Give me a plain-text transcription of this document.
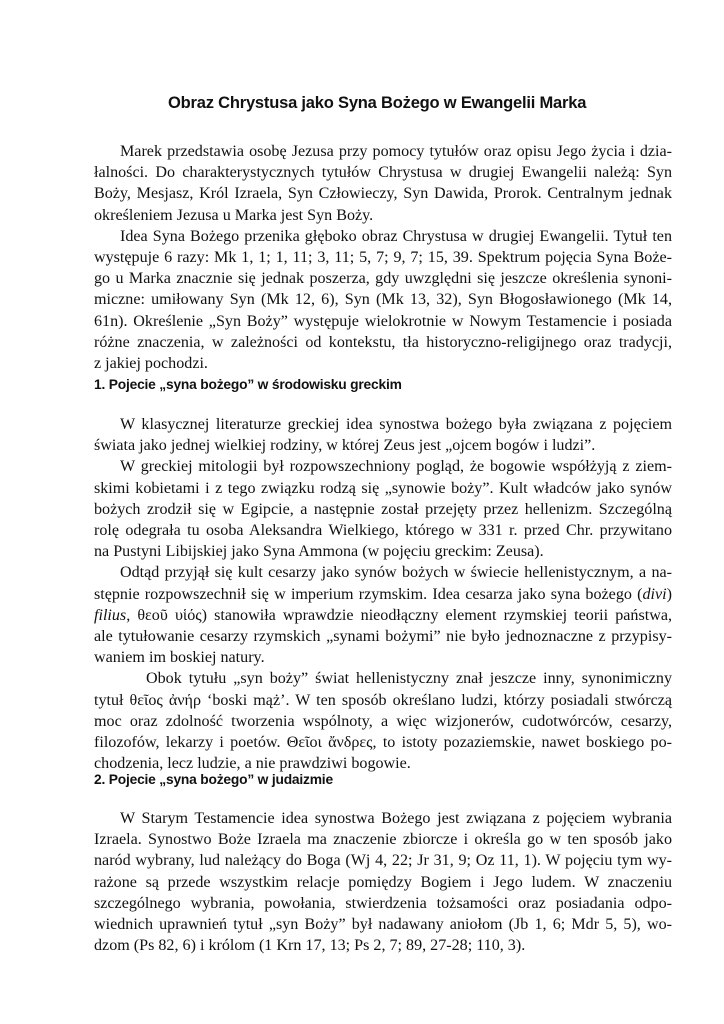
Obraz Chrystusa jako Syna Bożego w Ewangelii Marka
Marek przedstawia osobę Jezusa przy pomocy tytułów oraz opisu Jego życia i dzia-
łalności. Do charakterystycznych tytułów Chrystusa w drugiej Ewangelii należą: Syn
Boży, Mesjasz, Król Izraela, Syn Człowieczy, Syn Dawida, Prorok. Centralnym jednak
określeniem Jezusa u Marka jest Syn Boży.
Idea Syna Bożego przenika głęboko obraz Chrystusa w drugiej Ewangelii. Tytuł ten
występuje 6 razy: Mk 1, 1; 1, 11; 3, 11; 5, 7; 9, 7; 15, 39. Spektrum pojęcia Syna Boże-
go u Marka znacznie się jednak poszerza, gdy uwzględni się jeszcze określenia synoni-
miczne: umiłowany Syn (Mk 12, 6), Syn (Mk 13, 32), Syn Błogosławionego (Mk 14,
61n). Określenie „Syn Boży” występuje wielokrotnie w Nowym Testamencie i posiada
różne znaczenia, w zależności od kontekstu, tła historyczno-religijnego oraz tradycji,
z jakiej pochodzi.
1. Pojecie „syna bożego” w środowisku greckim
W klasycznej literaturze greckiej idea synostwa bożego była związana z pojęciem
świata jako jednej wielkiej rodziny, w której Zeus jest „ojcem bogów i ludzi”.
W greckiej mitologii był rozpowszechniony pogląd, że bogowie współżyją z ziem-
skimi kobietami i z tego związku rodzą się „synowie boży”. Kult władców jako synów
bożych zrodził się w Egipcie, a następnie został przejęty przez hellenizm. Szczególną
rolę odegrała tu osoba Aleksandra Wielkiego, którego w 331 r. przed Chr. przywitano
na Pustyni Libijskiej jako Syna Ammona (w pojęciu greckim: Zeusa).
Odtąd przyjął się kult cesarzy jako synów bożych w świecie hellenistycznym, a na-
stępnie rozpowszechnił się w imperium rzymskim. Idea cesarza jako syna bożego (divi)
filius, θεοῦ υἱός) stanowiła wprawdzie nieodłączny element rzymskiej teorii państwa,
ale tytułowanie cesarzy rzymskich „synami bożymi” nie było jednoznaczne z przypisy-
waniem im boskiej natury.
Obok tytułu „syn boży” świat hellenistyczny znał jeszcze inny, synonimiczny
tytuł θεῖος ἀνήρ ‘boski mąż’. W ten sposób określano ludzi, którzy posiadali stwórczą
moc oraz zdolność tworzenia wspólnoty, a więc wizjonerów, cudotwórców, cesarzy,
filozofów, lekarzy i poetów. Θεῖοι ἄνδρες, to istoty pozaziemskie, nawet boskiego po-
chodzenia, lecz ludzie, a nie prawdziwi bogowie.
2. Pojecie „syna bożego” w judaizmie
W Starym Testamencie idea synostwa Bożego jest związana z pojęciem wybrania
Izraela. Synostwo Boże Izraela ma znaczenie zbiorcze i określa go w ten sposób jako
naród wybrany, lud należący do Boga (Wj 4, 22; Jr 31, 9; Oz 11, 1). W pojęciu tym wy-
rażone są przede wszystkim relacje pomiędzy Bogiem i Jego ludem. W znaczeniu
szczególnego wybrania, powołania, stwierdzenia tożsamości oraz posiadania odpo-
wiednich uprawnień tytuł „syn Boży” był nadawany aniołom (Jb 1, 6; Mdr 5, 5), wo-
dzom (Ps 82, 6) i królom (1 Krn 17, 13; Ps 2, 7; 89, 27-28; 110, 3).
